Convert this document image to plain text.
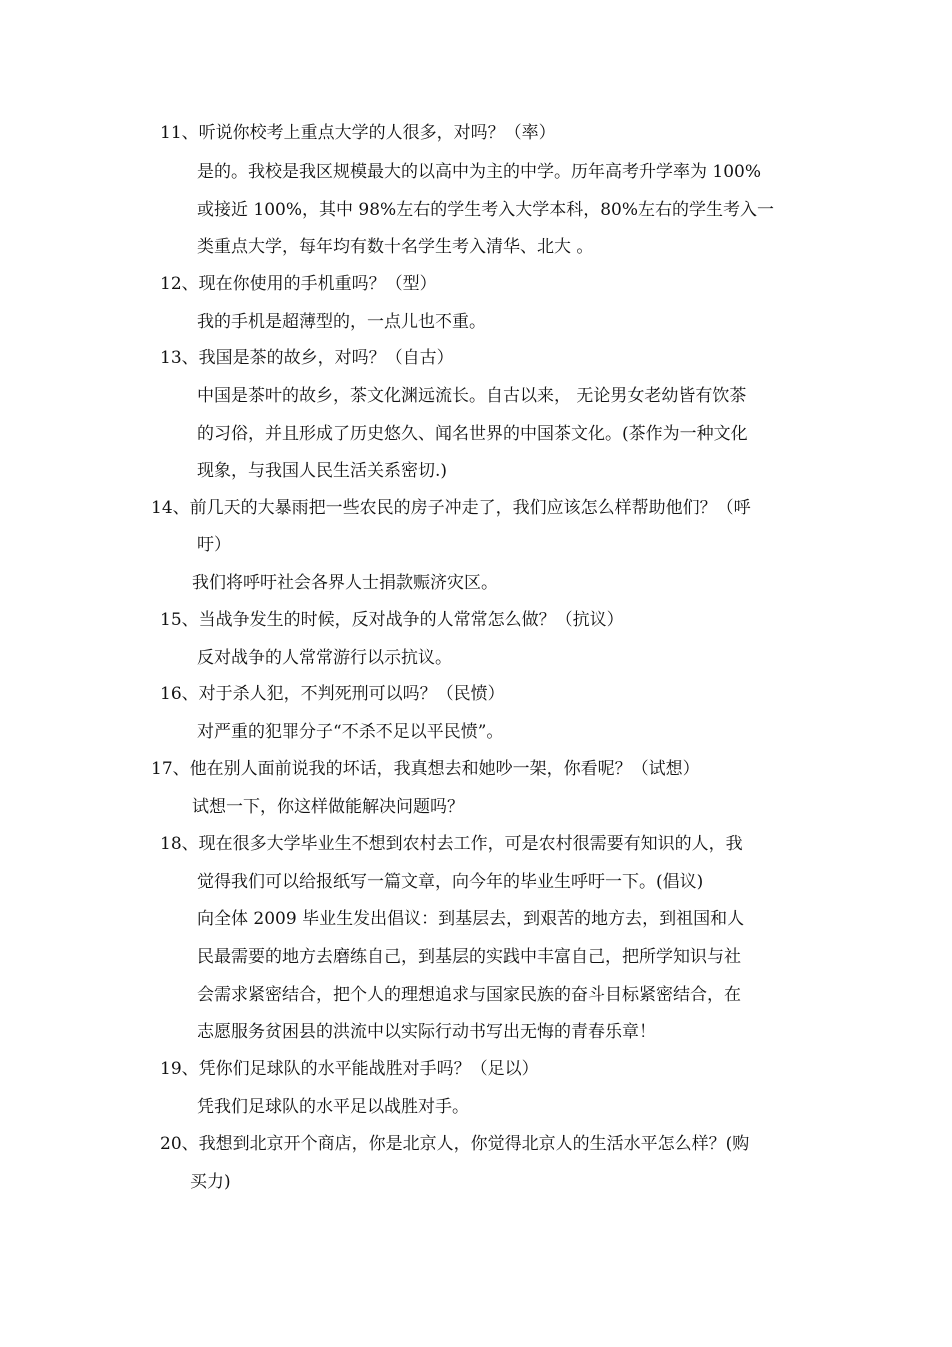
11、听说你校考上重点大学的人很多，对吗？（率）
是的。我校是我区规模最大的以高中为主的中学。历年高考升学率为 100%
或接近 100%，其中 98%左右的学生考入大学本科，80%左右的学生考入一
类重点大学，每年均有数十名学生考入清华、北大 。
12、现在你使用的手机重吗？（型）
我的手机是超薄型的，一点儿也不重。
13、我国是茶的故乡，对吗？（自古）
中国是茶叶的故乡，茶文化渊远流长。自古以来， 无论男女老幼皆有饮茶
的习俗，并且形成了历史悠久、闻名世界的中国茶文化。(茶作为一种文化
现象，与我国人民生活关系密切.)
14、前几天的大暴雨把一些农民的房子冲走了，我们应该怎么样帮助他们？（呼
吁）
我们将呼吁社会各界人士捐款赈济灾区。
15、当战争发生的时候，反对战争的人常常怎么做？（抗议）
反对战争的人常常游行以示抗议。
16、对于杀人犯，不判死刑可以吗？（民愤）
对严重的犯罪分子“不杀不足以平民愤”。
17、他在别人面前说我的坏话，我真想去和她吵一架，你看呢？（试想）
试想一下，你这样做能解决问题吗？
18、现在很多大学毕业生不想到农村去工作，可是农村很需要有知识的人，我
觉得我们可以给报纸写一篇文章，向今年的毕业生呼吁一下。(倡议)
向全体 2009 毕业生发出倡议：到基层去，到艰苦的地方去，到祖国和人
民最需要的地方去磨练自己，到基层的实践中丰富自己，把所学知识与社
会需求紧密结合，把个人的理想追求与国家民族的奋斗目标紧密结合，在
志愿服务贫困县的洪流中以实际行动书写出无悔的青春乐章！
19、凭你们足球队的水平能战胜对手吗？（足以）
凭我们足球队的水平足以战胜对手。
20、我想到北京开个商店，你是北京人，你觉得北京人的生活水平怎么样？(购
买力)
